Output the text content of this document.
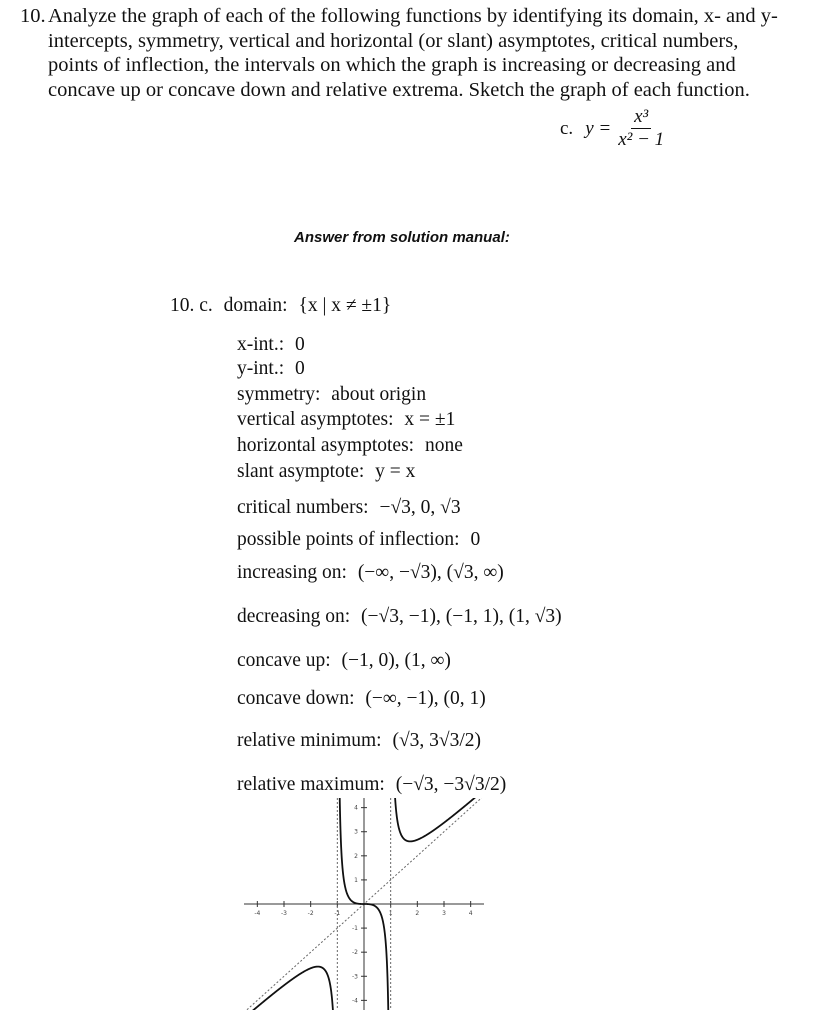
10. Analyze the graph of each of the following functions by identifying its domain, x- and y-
intercepts, symmetry, vertical and horizontal (or slant) asymptotes, critical numbers,
points of inflection, the intervals on which the graph is increasing or decreasing and
concave up or concave down and relative extrema. Sketch the graph of each function.
c. $y = \frac{\text{x³}}{\text{x² − 1}}$
Answer from solution manual:
10. c. domain: {x | x ≠ ±1}
x-int.: 0
y-int.: 0
symmetry: about origin
vertical asymptotes: x = ±1
horizontal asymptotes: none
slant asymptote: y = x
critical numbers: −√3, 0, √3
possible points of inflection: 0
increasing on: (−∞, −√3), (√3, ∞)
decreasing on: (−√3, −1), (−1, 1), (1, √3)
concave up: (−1, 0), (1, ∞)
concave down: (−∞, −1), (0, 1)
relative minimum: (√3, 3√3/2)
relative maximum: (−√3, −3√3/2)
-4	-3	-2	-1	1	2	3	4
4
3
2
1
-1
-2
-3
-4
